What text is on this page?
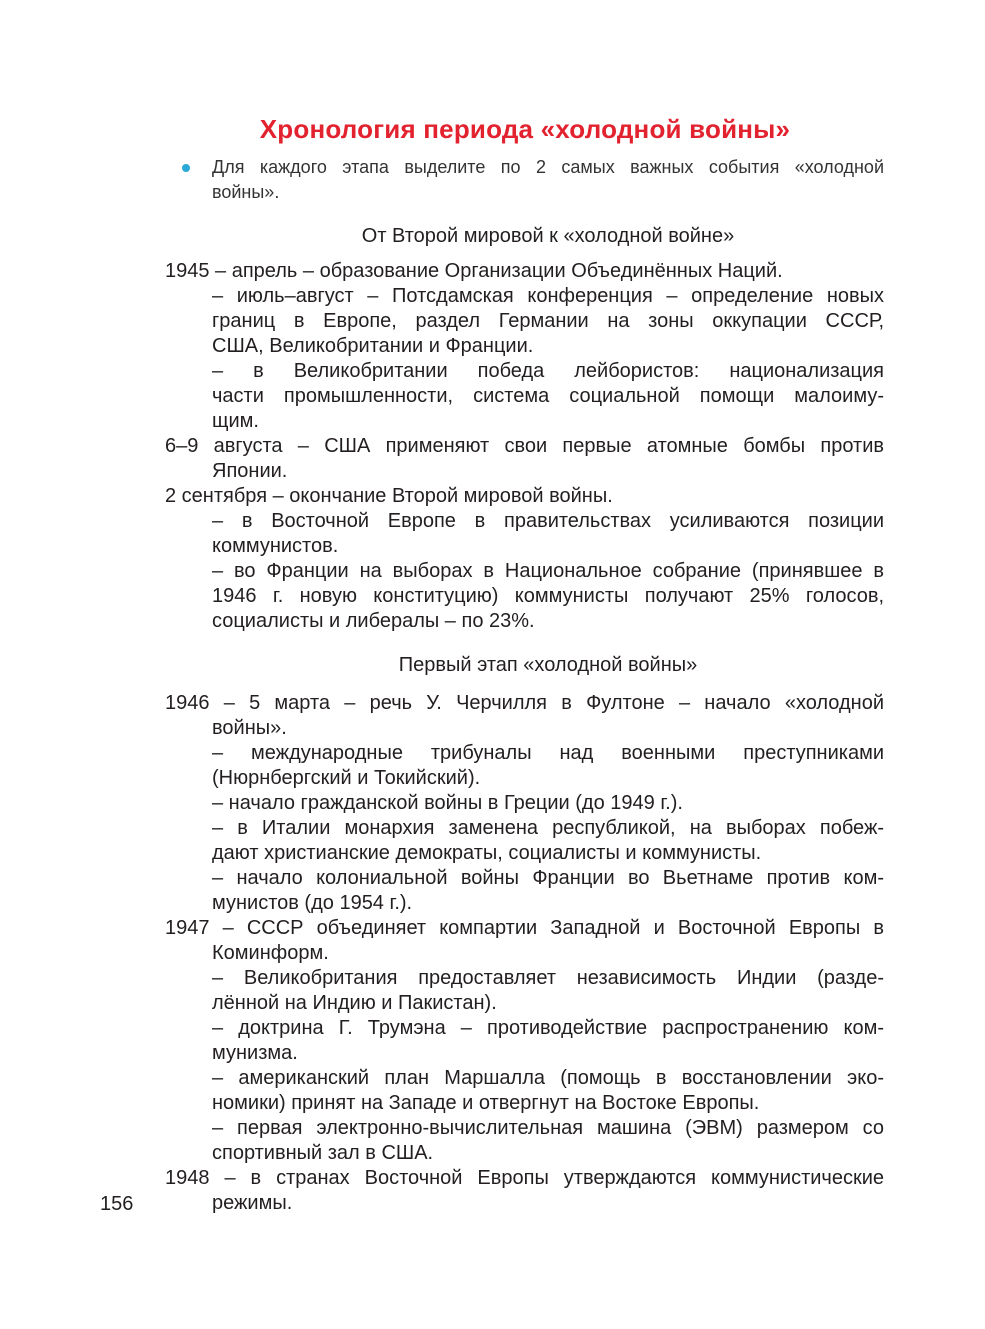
Хронология периода «холодной войны»
Для каждого этапа выделите по 2 самых важных события «холодной
войны».
От Второй мировой к «холодной войне»
1945 – апрель – образование Организации Объединённых Наций.
– июль–август – Потсдамская конференция – определение новых
границ в Европе, раздел Германии на зоны оккупации СССР,
США, Великобритании и Франции.
– в Великобритании победа лейбористов: национализация
части промышленности, система социальной помощи малоиму-
щим.
6–9 августа – США применяют свои первые атомные бомбы против
Японии.
2 сентября – окончание Второй мировой войны.
– в Восточной Европе в правительствах усиливаются позиции
коммунистов.
– во Франции на выборах в Национальное собрание (принявшее в
1946 г. новую конституцию) коммунисты получают 25% голосов,
социалисты и либералы – по 23%.
Первый этап «холодной войны»
1946 – 5 марта – речь У. Черчилля в Фултоне – начало «холодной
войны».
– международные трибуналы над военными преступниками
(Нюрнбергский и Токийский).
– начало гражданской войны в Греции (до 1949 г.).
– в Италии монархия заменена республикой, на выборах побеж-
дают христианские демократы, социалисты и коммунисты.
– начало колониальной войны Франции во Вьетнаме против ком-
мунистов (до 1954 г.).
1947 – СССР объединяет компартии Западной и Восточной Европы в
Коминформ.
– Великобритания предоставляет независимость Индии (разде-
лённой на Индию и Пакистан).
– доктрина Г. Трумэна – противодействие распространению ком-
мунизма.
– американский план Маршалла (помощь в восстановлении эко-
номики) принят на Западе и отвергнут на Востоке Европы.
– первая электронно-вычислительная машина (ЭВМ) размером со
спортивный зал в США.
1948 – в странах Восточной Европы утверждаются коммунистические
режимы.
156
